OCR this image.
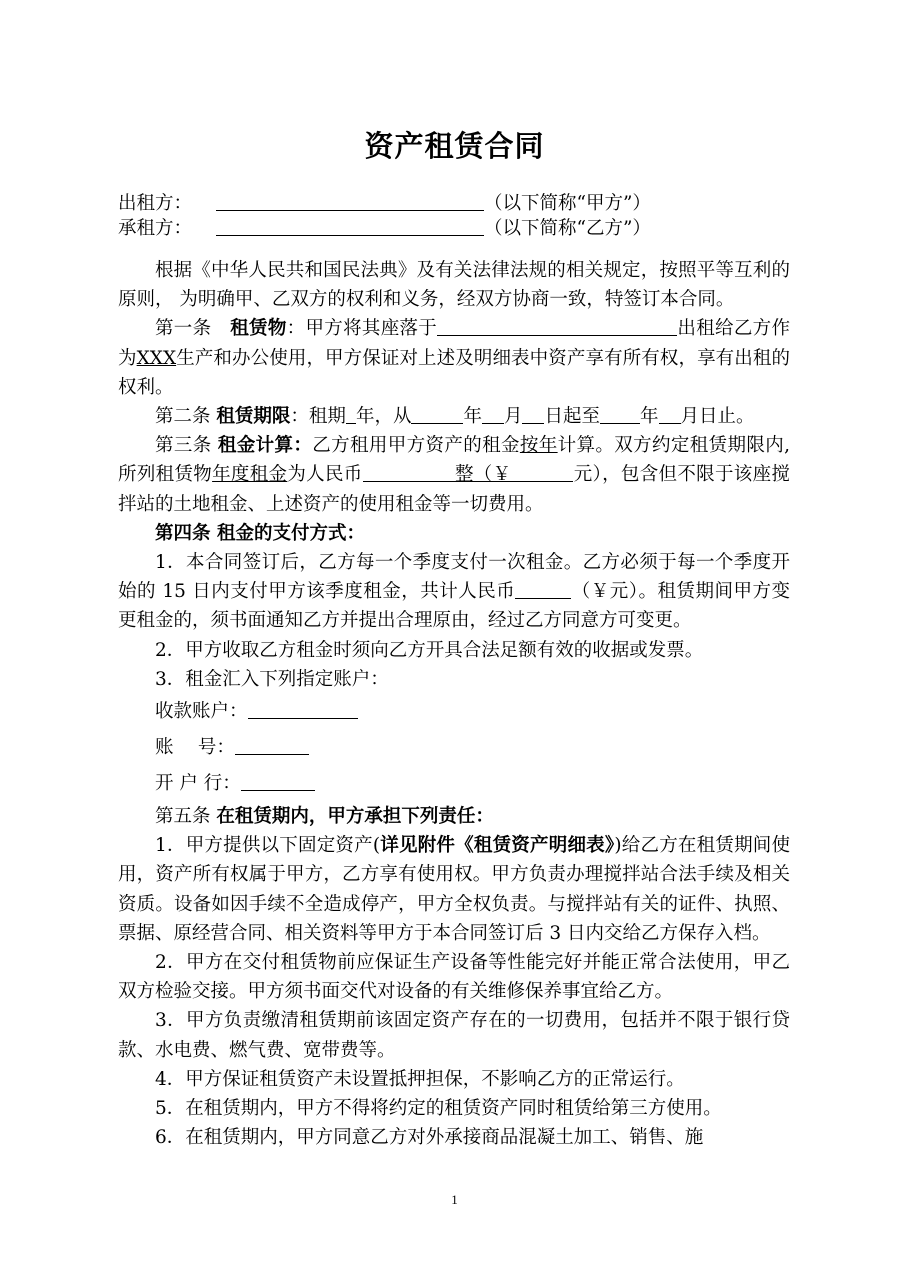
资产租赁合同
出租方：	（以下简称“甲方”）
承租方：	（以下简称“乙方”）

根据《中华人民共和国民法典》及有关法律法规的相关规定，按照平等互利的原则， 为明确甲、乙双方的权利和义务，经双方协商一致，特签订本合同。

第一条　 租赁物：甲方将其座落于	出租给乙方作为XXX生产和办公使用，甲方保证对上述及明细表中资产享有所有权，享有出租的权利。

第二条 租赁期限：租期 年，从	年 月 日起至 年 月日止。

第三条 租金计算：乙方租用甲方资产的租金按年计算。双方约定租赁期限内,所列租赁物年度租金为人民币	整（￥	元），包含但不限于该座搅拌站的土地租金、上述资产的使用租金等一切费用。

第四条 租金的支付方式：

1．本合同签订后，乙方每一个季度支付一次租金。乙方必须于每一个季度开始的 15 日内支付甲方该季度租金，共计人民币	（￥元）。租赁期间甲方变更租金的，须书面通知乙方并提出合理原由，经过乙方同意方可变更。

2．甲方收取乙方租金时须向乙方开具合法足额有效的收据或发票。

3．租金汇入下列指定账户：

收款账户：

账　 号：

开 户 行：

第五条 在租赁期内，甲方承担下列责任：

1．甲方提供以下固定资产(详见附件《租赁资产明细表》)给乙方在租赁期间使用，资产所有权属于甲方，乙方享有使用权。甲方负责办理搅拌站合法手续及相关资质。设备如因手续不全造成停产，甲方全权负责。与搅拌站有关的证件、执照、票据、原经营合同、相关资料等甲方于本合同签订后 3 日内交给乙方保存入档。

2．甲方在交付租赁物前应保证生产设备等性能完好并能正常合法使用，甲乙双方检验交接。甲方须书面交代对设备的有关维修保养事宜给乙方。

3．甲方负责缴清租赁期前该固定资产存在的一切费用，包括并不限于银行贷款、水电费、燃气费、宽带费等。

4．甲方保证租赁资产未设置抵押担保，不影响乙方的正常运行。

5．在租赁期内，甲方不得将约定的租赁资产同时租赁给第三方使用。

6．在租赁期内，甲方同意乙方对外承接商品混凝土加工、销售、施

1
